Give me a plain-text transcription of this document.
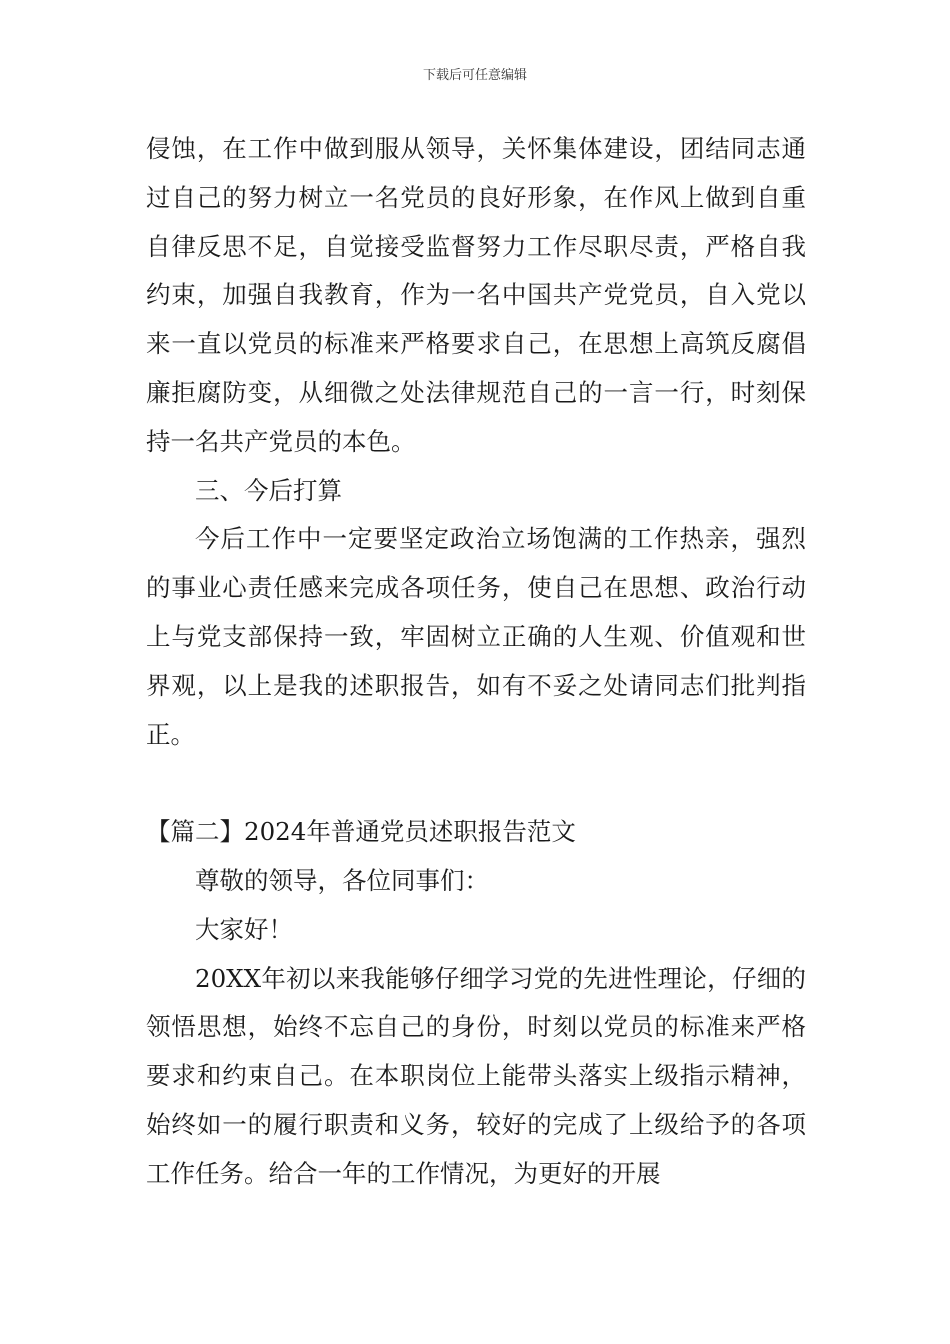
下载后可任意编辑

侵蚀，在工作中做到服从领导，关怀集体建设，团结同志通过自己的努力树立一名党员的良好形象，在作风上做到自重自律反思不足，自觉接受监督努力工作尽职尽责，严格自我约束，加强自我教育，作为一名中国共产党党员，自入党以来一直以党员的标准来严格要求自己，在思想上高筑反腐倡廉拒腐防变，从细微之处法律规范自己的一言一行，时刻保持一名共产党员的本色。

三、今后打算

今后工作中一定要坚定政治立场饱满的工作热亲，强烈的事业心责任感来完成各项任务，使自己在思想、政治行动上与党支部保持一致，牢固树立正确的人生观、价值观和世界观，以上是我的述职报告，如有不妥之处请同志们批判指正。

【篇二】2024年普通党员述职报告范文

尊敬的领导，各位同事们：

大家好！

20XX年初以来我能够仔细学习党的先进性理论，仔细的领悟思想，始终不忘自己的身份，时刻以党员的标准来严格要求和约束自己。在本职岗位上能带头落实上级指示精神，始终如一的履行职责和义务，较好的完成了上级给予的各项工作任务。给合一年的工作情况，为更好的开展
